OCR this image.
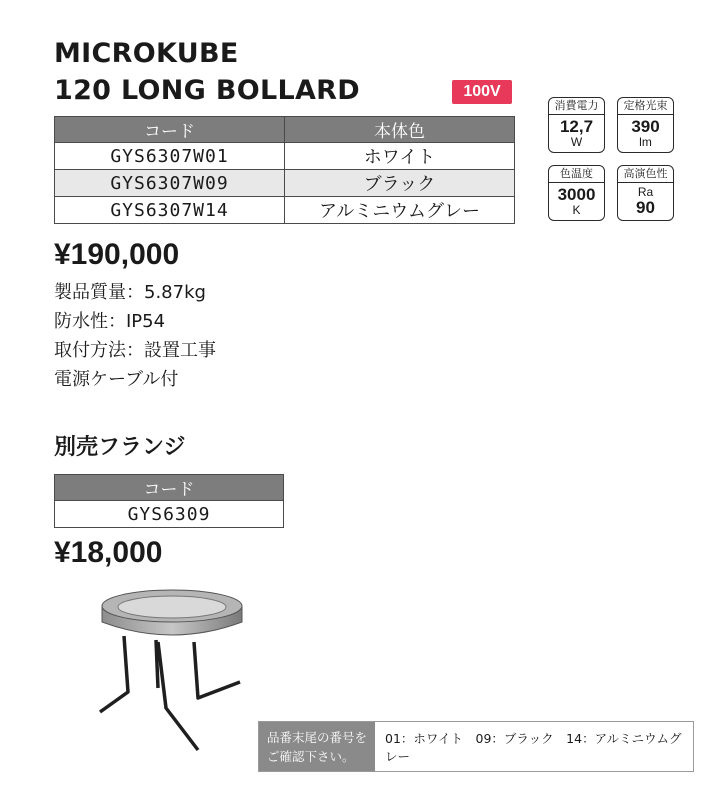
MICROKUBE
120 LONG BOLLARD	100V
コード	本体色
GYS6307W01	ホワイト
GYS6307W09	ブラック
GYS6307W14	アルミニウムグレー
消費電力
12,7
W
定格光束
390
lm
色温度
3000
K
高演色性
Ra
90
¥190,000
製品質量：5.87kg
防水性：IP54
取付方法：設置工事
電源ケーブル付
別売フランジ
コード
GYS6309
¥18,000
品番末尾の番号をご確認下さい。
01：ホワイト　09：ブラック　14：アルミニウムグレー
